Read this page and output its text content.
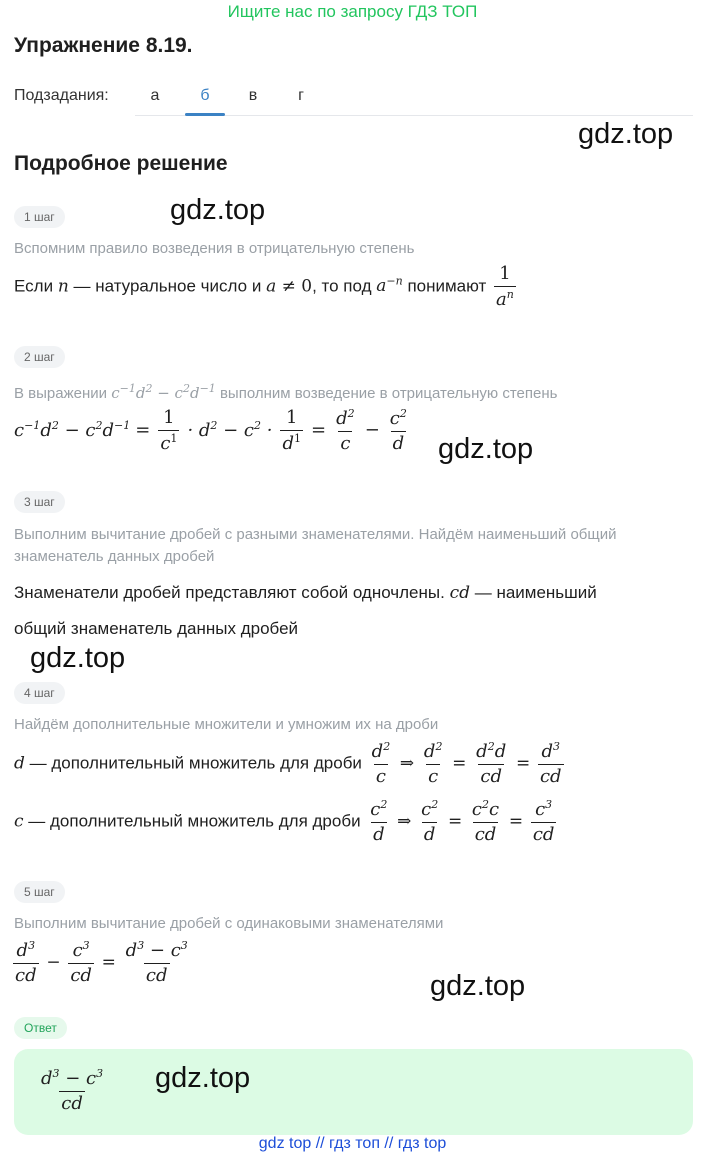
Ищите нас по запросу ГДЗ ТОП
Упражнение 8.19.
Подзадания:	а	б	в	г
gdz.top
Подробное решение
1 шаг	gdz.top
Вспомним правило возведения в отрицательную степень
Если n — натуральное число и a ≠ 0, то под $a^{-n}$ понимают $\frac{1}{a^n}$
2 шаг
В выражении $c^{-1}d^2 - c^2d^{-1}$ выполним возведение в отрицательную степень
$c^{-1}d^2 - c^2d^{-1} = \frac{1}{c^1} \cdot d^2 - c^2 \cdot \frac{1}{d^1} = \frac{d^2}{c} - \frac{c^2}{d} gdz.top$
3 шаг
Выполним вычитание дробей с разными знаменателями. Найдём наименьший общий
знаменатель данных дробей
Знаменатели дробей представляют собой одночлены. cd — наименьший
общий знаменатель данных дробей
gdz.top
4 шаг
Найдём дополнительные множители и умножим их на дроби
d — дополнительный множитель для дроби $\frac{d^2}{c}$ ⇒ $\frac{d^2}{c} = \frac{d^2d}{cd} = \frac{d^3}{cd}$
c — дополнительный множитель для дроби $\frac{c^2}{d}$ ⇒ $\frac{c^2}{d} = \frac{c^2c}{cd} = \frac{c^3}{cd}$
5 шаг
Выполним вычитание дробей с одинаковыми знаменателями
$\frac{d^3}{cd} - \frac{c^3}{cd} = \frac{d^3 - c^3}{cd}$
gdz.top
Ответ
$\frac{d^3 - c^3}{cd} gdz.top$
gdz top // гдз топ // гдз top
